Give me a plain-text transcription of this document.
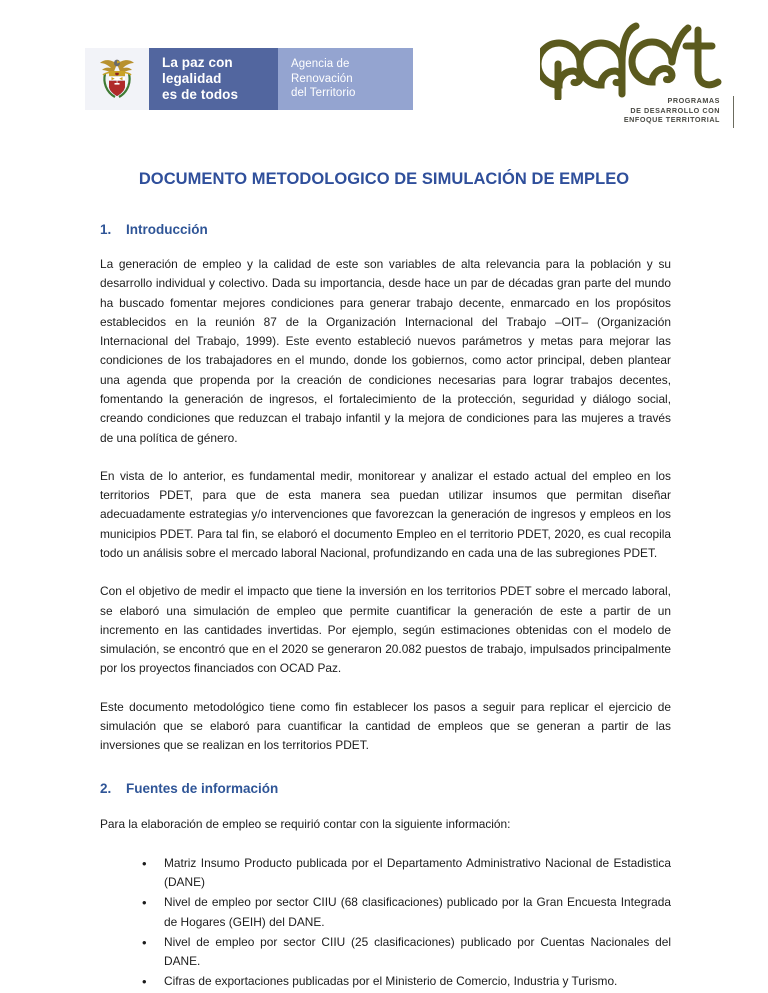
La paz con
legalidad
es de todos
Agencia de
Renovación
del Territorio
PROGRAMAS
DE DESARROLLO CON
ENFOQUE TERRITORIAL
DOCUMENTO METODOLOGICO DE SIMULACIÓN DE EMPLEO
1.	Introducción

La generación de empleo y la calidad de este son variables de alta relevancia para la población y su desarrollo individual y colectivo. Dada su importancia, desde hace un par de décadas gran parte del mundo ha buscado fomentar mejores condiciones para generar trabajo decente, enmarcado en los propósitos establecidos en la reunión 87 de la Organización Internacional del Trabajo –OIT– (Organización Internacional del Trabajo, 1999). Este evento estableció nuevos parámetros y metas para mejorar las condiciones de los trabajadores en el mundo, donde los gobiernos, como actor principal, deben plantear una agenda que propenda por la creación de condiciones necesarias para lograr trabajos decentes, fomentando la generación de ingresos, el fortalecimiento de la protección, seguridad y diálogo social, creando condiciones que reduzcan el trabajo infantil y la mejora de condiciones para las mujeres a través de una política de género.

En vista de lo anterior, es fundamental medir, monitorear y analizar el estado actual del empleo en los territorios PDET, para que de esta manera sea puedan utilizar insumos que permitan diseñar adecuadamente estrategias y/o intervenciones que favorezcan la generación de ingresos y empleos en los municipios PDET. Para tal fin, se elaboró el documento Empleo en el territorio PDET, 2020, es cual recopila todo un análisis sobre el mercado laboral Nacional, profundizando en cada una de las subregiones PDET.

Con el objetivo de medir el impacto que tiene la inversión en los territorios PDET sobre el mercado laboral, se elaboró una simulación de empleo que permite cuantificar la generación de este a partir de un incremento en las cantidades invertidas. Por ejemplo, según estimaciones obtenidas con el modelo de simulación, se encontró que en el 2020 se generaron 20.082 puestos de trabajo, impulsados principalmente por los proyectos financiados con OCAD Paz.

Este documento metodológico tiene como fin establecer los pasos a seguir para replicar el ejercicio de simulación que se elaboró para cuantificar la cantidad de empleos que se generan a partir de las inversiones que se realizan en los territorios PDET.

2.	Fuentes de información

Para la elaboración de empleo se requirió contar con la siguiente información:

• Matriz Insumo Producto publicada por el Departamento Administrativo Nacional de Estadistica (DANE)
• Nivel de empleo por sector CIIU (68 clasificaciones) publicado por la Gran Encuesta Integrada de Hogares (GEIH) del DANE.
• Nivel de empleo por sector CIIU (25 clasificaciones) publicado por Cuentas Nacionales del DANE.
• Cifras de exportaciones publicadas por el Ministerio de Comercio, Industria y Turismo.
